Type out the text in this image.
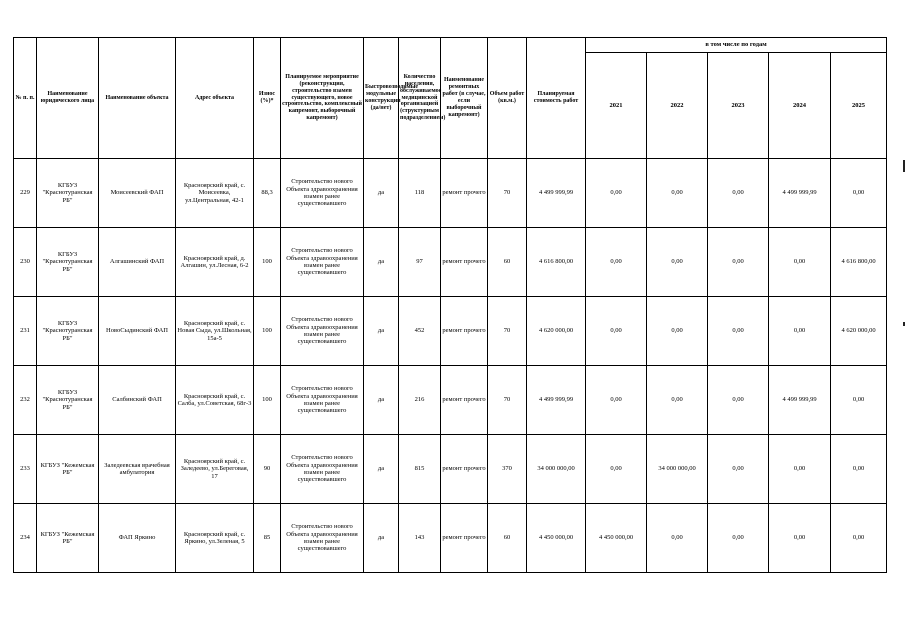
№ п. п.	Наименование юридического лица	Наименование объекта	Адрес объекта	Износ (%)*	Планируемое мероприятие (реконструкция, строительство взамен существующего, новое строительство, комплексный капремонт, выборочный капремонт)	Быстровозводимые модульные конструкции (да/нет)	Количество населения, обслуживаемое медицинской организацией (структурным подразделением)	Наименование ремонтных работ (в случае, если выборочный капремонт)	Объем работ (кв.м.)	Планируемая стоимость работ	в том числе по годам				
											2021	2022	2023	2024	2025
229	КГБУЗ "Краснотуранская РБ"	Моисеевский ФАП	Красноярский край, с. Моисеевка, ул.Центральная, 42-1	88,3	Строительство нового Объекта здравоохранения взамен ранее существовавшего	да	118	ремонт прочего	70	4 499 999,99	0,00	0,00	0,00	4 499 999,99	0,00
230	КГБУЗ "Краснотуранская РБ"	Алгашинский ФАП	Красноярский край, д. Алгашин, ул.Лесная, 6-2	100	Строительство нового Объекта здравоохранения взамен ранее существовавшего	да	97	ремонт прочего	60	4 616 800,00	0,00	0,00	0,00	0,00	4 616 800,00
231	КГБУЗ "Краснотуранская РБ"	НовоСыдинский ФАП	Красноярский край, с. Новая Сыда, ул.Школьная, 15а-5	100	Строительство нового Объекта здравоохранения взамен ранее существовавшего	да	452	ремонт прочего	70	4 620 000,00	0,00	0,00	0,00	0,00	4 620 000,00
232	КГБУЗ "Краснотуранская РБ"	Салбинский ФАП	Красноярский край, с. Салба, ул.Советская, 68г-3	100	Строительство нового Объекта здравоохранения взамен ранее существовавшего	да	216	ремонт прочего	70	4 499 999,99	0,00	0,00	0,00	4 499 999,99	0,00
233	КГБУЗ "Кежемская РБ"	Заледеевская врачебная амбулатория	Красноярский край, с. Заледеево, ул.Береговая, 17	90	Строительство нового Объекта здравоохранения взамен ранее существовавшего	да	815	ремонт прочего	370	34 000 000,00	0,00	34 000 000,00	0,00	0,00	0,00
234	КГБУЗ "Кежемская РБ"	ФАП Яркино	Красноярский край, с. Яркино, ул.Зеленая, 5	85	Строительство нового Объекта здравоохранения взамен ранее существовавшего	да	143	ремонт прочего	60	4 450 000,00	4 450 000,00	0,00	0,00	0,00	0,00
